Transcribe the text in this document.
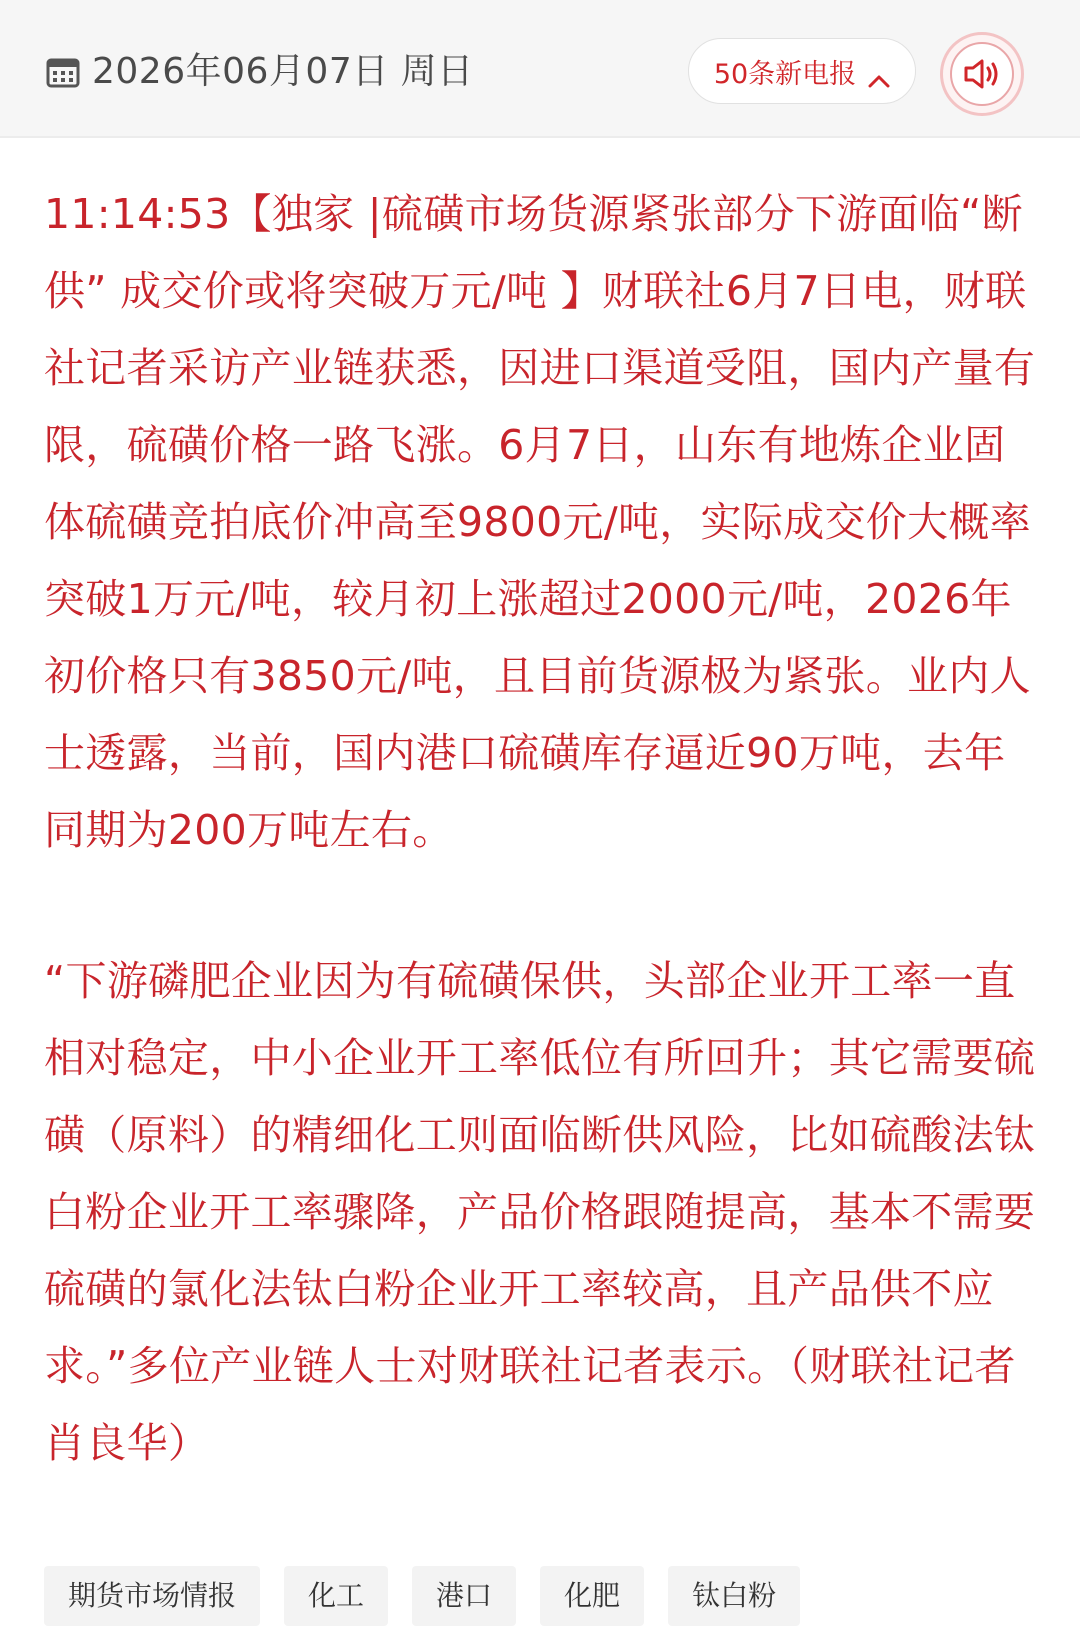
2026年06月07日 周日	50条新电报

11:14:53【独家 |硫磺市场货源紧张部分下游面临“断供” 成交价或将突破万元/吨 】财联社6月7日电，财联社记者采访产业链获悉，因进口渠道受阻，国内产量有限，硫磺价格一路飞涨。6月7日，山东有地炼企业固体硫磺竞拍底价冲高至9800元/吨，实际成交价大概率突破1万元/吨，较月初上涨超过2000元/吨，2026年初价格只有3850元/吨，且目前货源极为紧张。业内人士透露，当前，国内港口硫磺库存逼近90万吨，去年同期为200万吨左右。

“下游磷肥企业因为有硫磺保供，头部企业开工率一直相对稳定，中小企业开工率低位有所回升；其它需要硫磺（原料）的精细化工则面临断供风险，比如硫酸法钛白粉企业开工率骤降，产品价格跟随提高，基本不需要硫磺的氯化法钛白粉企业开工率较高，且产品供不应求。”多位产业链人士对财联社记者表示。（财联社记者 肖良华）

期货市场情报	化工	港口	化肥	钛白粉
